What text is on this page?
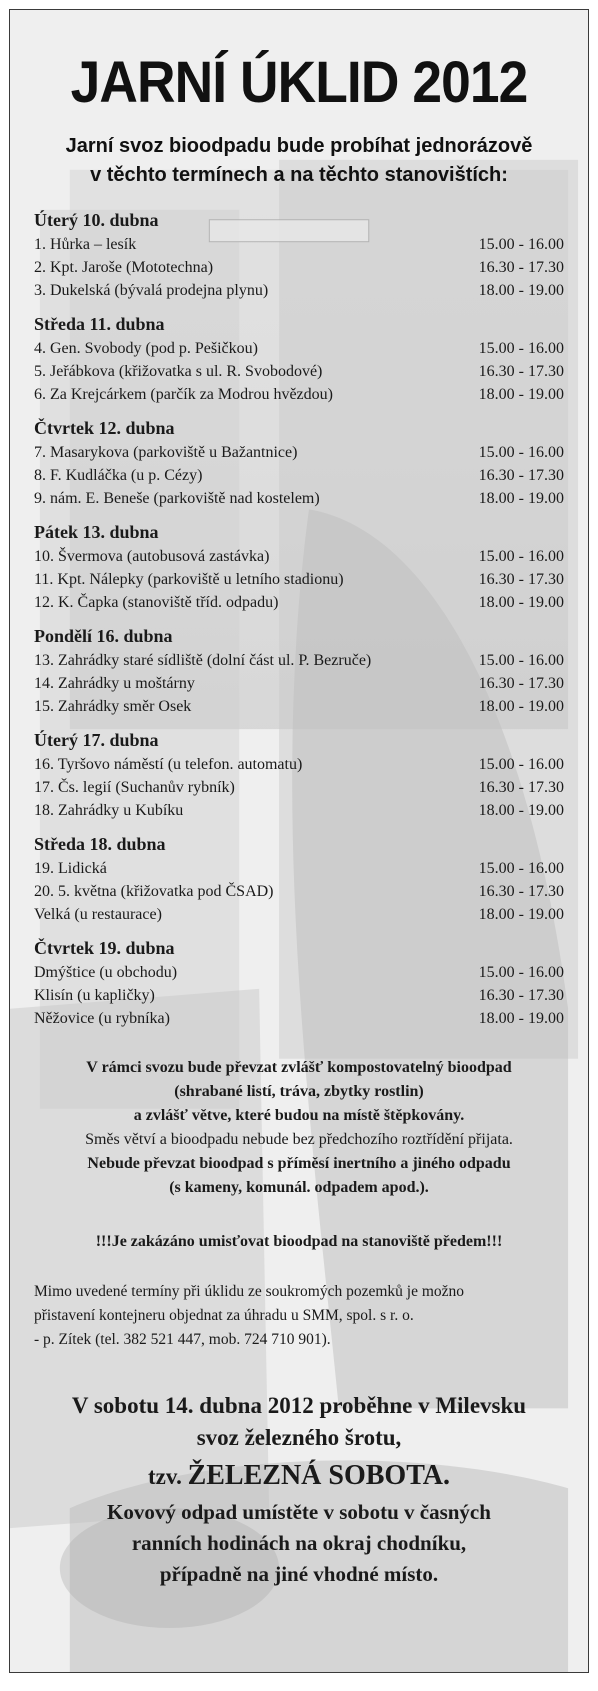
JARNÍ ÚKLID 2012
Jarní svoz bioodpadu bude probíhat jednorázově
v těchto termínech a na těchto stanovištích:
Úterý 10. dubna
1. Hůrka – lesík	15.00 - 16.00
2. Kpt. Jaroše (Mototechna)	16.30 - 17.30
3. Dukelská (bývalá prodejna plynu)	18.00 - 19.00
Středa 11. dubna
4. Gen. Svobody (pod p. Pešičkou)	15.00 - 16.00
5. Jeřábkova (křižovatka s ul. R. Svobodové)	16.30 - 17.30
6. Za Krejcárkem (parčík za Modrou hvězdou)	18.00 - 19.00
Čtvrtek 12. dubna
7. Masarykova (parkoviště u Bažantnice)	15.00 - 16.00
8. F. Kudláčka (u p. Cézy)	16.30 - 17.30
9. nám. E. Beneše (parkoviště nad kostelem)	18.00 - 19.00
Pátek 13. dubna
10. Švermova (autobusová zastávka)	15.00 - 16.00
11. Kpt. Nálepky (parkoviště u letního stadionu)	16.30 - 17.30
12. K. Čapka (stanoviště tříd. odpadu)	18.00 - 19.00
Pondělí 16. dubna
13. Zahrádky staré sídliště (dolní část ul. P. Bezruče)	15.00 - 16.00
14. Zahrádky u moštárny	16.30 - 17.30
15. Zahrádky směr Osek	18.00 - 19.00
Úterý 17. dubna
16. Tyršovo náměstí (u telefon. automatu)	15.00 - 16.00
17. Čs. legií (Suchanův rybník)	16.30 - 17.30
18. Zahrádky u Kubíku	18.00 - 19.00
Středa 18. dubna
19. Lidická	15.00 - 16.00
20. 5. května (křižovatka pod ČSAD)	16.30 - 17.30
Velká (u restaurace)	18.00 - 19.00
Čtvrtek 19. dubna
Dmýštice (u obchodu)	15.00 - 16.00
Klisín (u kapličky)	16.30 - 17.30
Něžovice (u rybníka)	18.00 - 19.00
V rámci svozu bude převzat zvlášť kompostovatelný bioodpad
(shrabané listí, tráva, zbytky rostlin)
a zvlášť větve, které budou na místě štěpkovány.
Směs větví a bioodpadu nebude bez předchozího roztřídění přijata.
Nebude převzat bioodpad s příměsí inertního a jiného odpadu
(s kameny, komunál. odpadem apod.).
!!!Je zakázáno umisťovat bioodpad na stanoviště předem!!!
Mimo uvedené termíny při úklidu ze soukromých pozemků je možno
přistavení kontejneru objednat za úhradu u SMM, spol. s r. o.
- p. Zítek (tel. 382 521 447, mob. 724 710 901).
V sobotu 14. dubna 2012 proběhne v Milevsku
svoz železného šrotu,
tzv. ŽELEZNÁ SOBOTA.
Kovový odpad umístěte v sobotu v časných
ranních hodinách na okraj chodníku,
případně na jiné vhodné místo.
